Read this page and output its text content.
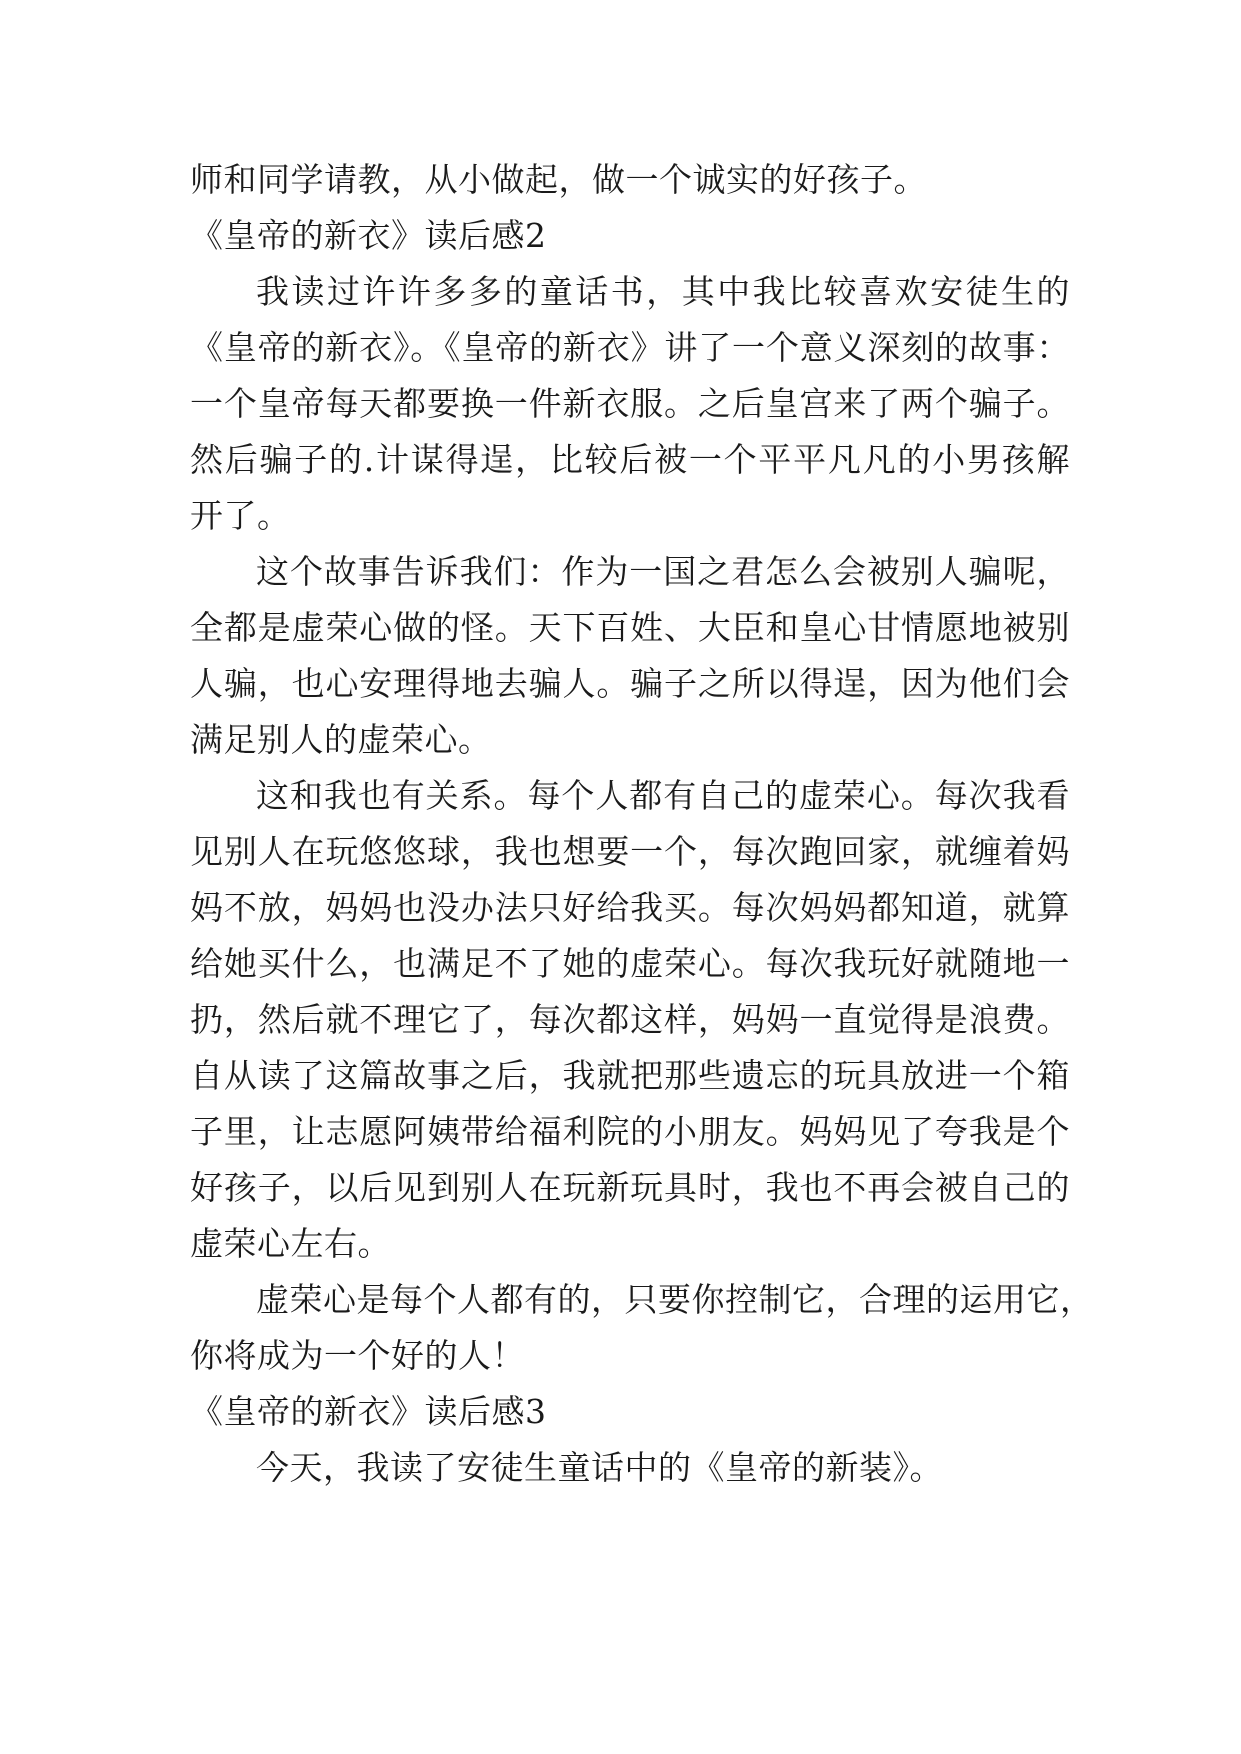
师和同学请教，从小做起，做一个诚实的好孩子。
《皇帝的新衣》读后感2
我读过许许多多的童话书，其中我比较喜欢安徒生的
《皇帝的新衣》。《皇帝的新衣》讲了一个意义深刻的故事：
一个皇帝每天都要换一件新衣服。之后皇宫来了两个骗子。
然后骗子的.计谋得逞，比较后被一个平平凡凡的小男孩解
开了。
这个故事告诉我们：作为一国之君怎么会被别人骗呢，
全都是虚荣心做的怪。天下百姓、大臣和皇心甘情愿地被别
人骗，也心安理得地去骗人。骗子之所以得逞，因为他们会
满足别人的虚荣心。
这和我也有关系。每个人都有自己的虚荣心。每次我看
见别人在玩悠悠球，我也想要一个，每次跑回家，就缠着妈
妈不放，妈妈也没办法只好给我买。每次妈妈都知道，就算
给她买什么，也满足不了她的虚荣心。每次我玩好就随地一
扔，然后就不理它了，每次都这样，妈妈一直觉得是浪费。
自从读了这篇故事之后，我就把那些遗忘的玩具放进一个箱
子里，让志愿阿姨带给福利院的小朋友。妈妈见了夸我是个
好孩子，以后见到别人在玩新玩具时，我也不再会被自己的
虚荣心左右。
虚荣心是每个人都有的，只要你控制它，合理的运用它，
你将成为一个好的人！
《皇帝的新衣》读后感3
今天，我读了安徒生童话中的《皇帝的新装》。
